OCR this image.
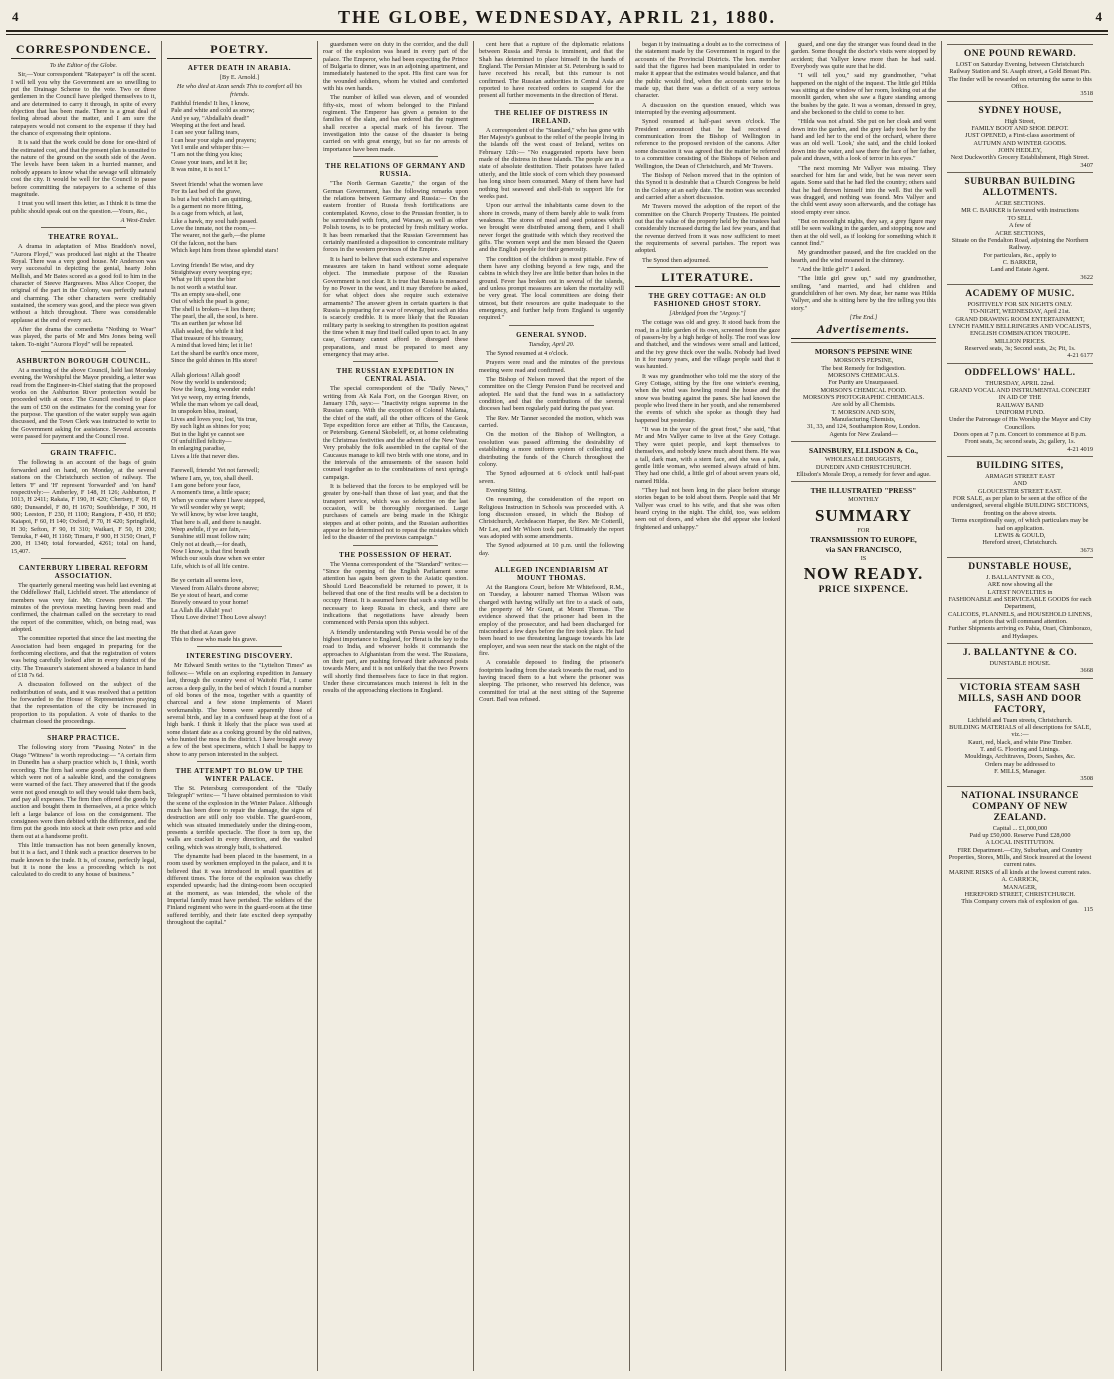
4	THE GLOBE, WEDNESDAY, APRIL 21, 1880.	4
CORRESPONDENCE.

To the Editor of the Globe.

Sir,—Your correspondent "Ratepayer" is off the scent. I will tell you why the Government are so unwilling to put the Drainage Scheme to the vote. Two or three gentlemen in the Council have pledged themselves to it, and are determined to carry it through, in spite of every objection that has been made. There is a great deal of feeling abroad about the matter, and I am sure the ratepayers would not consent to the expense if they had the chance of expressing their opinions.

It is said that the work could be done for one-third of the estimated cost, and that the present plan is unsuited to the nature of the ground on the south side of the Avon. The levels have been taken in a hurried manner, and nobody appears to know what the sewage will ultimately cost the city. It would be well for the Council to pause before committing the ratepayers to a scheme of this magnitude.

I trust you will insert this letter, as I think it is time the public should speak out on the question.—Yours, &c.,

A West-Ender.

THEATRE ROYAL.

A drama in adaptation of Miss Braddon's novel, "Aurora Floyd," was produced last night at the Theatre Royal. There was a very good house. Mr Anderson was very successful in depicting the genial, hearty John Mellish, and Mr Bates scored as a good foil to him in the character of Steeve Hargreaves. Miss Alice Cooper, the original of the part in the Colony, was perfectly natural and charming. The other characters were creditably sustained, the scenery was good, and the piece was given without a hitch throughout. There was considerable applause at the end of every act.

After the drama the comedietta "Nothing to Wear" was played, the parts of Mr and Mrs Jones being well taken. To-night "Aurora Floyd" will be repeated.

ASHBURTON BOROUGH COUNCIL.

At a meeting of the above Council, held last Monday evening, the Worshipful the Mayor presiding, a letter was read from the Engineer-in-Chief stating that the proposed works on the Ashburton River protection would be proceeded with at once. The Council resolved to place the sum of £50 on the estimates for the coming year for the purpose. The question of the water supply was again discussed, and the Town Clerk was instructed to write to the Government asking for assistance. Several accounts were passed for payment and the Council rose.

GRAIN TRAFFIC.

The following is an account of the bags of grain forwarded and on hand, on Monday, at the several stations on the Christchurch section of railway. The letters 'F' and 'H' represent 'forwarded' and 'on hand' respectively:— Amberley, F 148, H 126; Ashburton, F 1013, H 2411; Rakaia, F 190, H 420; Chertsey, F 60, H 680; Dunsandel, F 80, H 1670; Southbridge, F 300, H 900; Leeston, F 230, H 1100; Rangiora, F 430, H 850; Kaiapoi, F 60, H 140; Oxford, F 70, H 420; Springfield, H 30; Sefton, F 90, H 310; Waikari, F 50, H 200; Temuka, F 440, H 1160; Timaru, F 900, H 3150; Orari, F 200, H 1340; total forwarded, 4261; total on hand, 15,407.

CANTERBURY LIBERAL REFORM ASSOCIATION.

The quarterly general meeting was held last evening at the Oddfellows' Hall, Lichfield street. The attendance of members was very fair. Mr. Crewes presided. The minutes of the previous meeting having been read and confirmed, the chairman called on the secretary to read the report of the committee, which, on being read, was adopted.

The committee reported that since the last meeting the Association had been engaged in preparing for the forthcoming elections, and that the registration of voters was being carefully looked after in every district of the city. The Treasurer's statement showed a balance in hand of £18 7s 6d.

A discussion followed on the subject of the redistribution of seats, and it was resolved that a petition be forwarded to the House of Representatives praying that the representation of the city be increased in proportion to its population. A vote of thanks to the chairman closed the proceedings.

SHARP PRACTICE.

The following story from "Passing Notes" in the Otago "Witness" is worth reproducing:— "A certain firm in Dunedin has a sharp practice which is, I think, worth recording. The firm had some goods consigned to them which were not of a saleable kind, and the consignees were warned of the fact. They answered that if the goods were not good enough to sell they would take them back, and pay all expenses. The firm then offered the goods by auction and bought them in themselves, at a price which left a large balance of loss on the consignment. The consignees were then debited with the difference, and the firm put the goods into stock at their own price and sold them out at a handsome profit.

This little transaction has not been generally known, but it is a fact, and I think such a practice deserves to be made known to the trade. It is, of course, perfectly legal, but it is none the less a proceeding which is not calculated to do credit to any house of business."

POETRY.
AFTER DEATH IN ARABIA.

[By E. Arnold.]

He who died at Azan sends This to comfort all his friends.

Faithful friends! It lies, I know,

Pale and white and cold as snow;

And ye say, "Abdallah's dead!"

Weeping at the feet and head.

I can see your falling tears,

I can hear your sighs and prayers;

Yet I smile and whisper this:—

"I am not the thing you kiss;

Cease your tears, and let it lie;

It was mine, it is not I."

Sweet friends! what the women lave

For its last bed of the grave,

Is but a hut which I am quitting,

Is a garment no more fitting,

Is a cage from which, at last,

Like a hawk, my soul hath passed.

Love the inmate, not the room,—

The wearer, not the garb,—the plume

Of the falcon, not the bars

Which kept him from those splendid stars!

Loving friends! Be wise, and dry

Straightway every weeping eye;

What ye lift upon the bier

Is not worth a wistful tear.

'Tis an empty sea-shell, one

Out of which the pearl is gone;

The shell is broken—it lies there;

The pearl, the all, the soul, is here.

'Tis an earthen jar whose lid

Allah sealed, the while it hid

That treasure of his treasury,

A mind that loved him; let it lie!

Let the shard be earth's once more,

Since the gold shines in His store!

Allah glorious! Allah good!

Now thy world is understood;

Now the long, long wonder ends!

Yet ye weep, my erring friends,

While the man whom ye call dead,

In unspoken bliss, instead,

Lives and loves you; lost, 'tis true,

By such light as shines for you;

But in the light ye cannot see

Of unfulfilled felicity—

In enlarging paradise,

Lives a life that never dies.

Farewell, friends! Yet not farewell;

Where I am, ye, too, shall dwell.

I am gone before your face,

A moment's time, a little space;

When ye come where I have stepped,

Ye will wonder why ye wept;

Ye will know, by wise love taught,

That here is all, and there is naught.

Weep awhile, if ye are fain,—

Sunshine still must follow rain;

Only not at death,—for death,

Now I know, is that first breath

Which our souls draw when we enter

Life, which is of all life centre.

Be ye certain all seems love,

Viewed from Allah's throne above;

Be ye stout of heart, and come

Bravely onward to your home!

La Allah illa Allah! yea!

Thou Love divine! Thou Love alway!

He that died at Azan gave

This to those who made his grave.

INTERESTING DISCOVERY.

Mr Edward Smith writes to the "Lyttelton Times" as follows:— While on an exploring expedition in January last, through the country west of Waitohi Flat, I came across a deep gully, in the bed of which I found a number of old bones of the moa, together with a quantity of charcoal and a few stone implements of Maori workmanship. The bones were apparently those of several birds, and lay in a confused heap at the foot of a high bank. I think it likely that the place was used at some distant date as a cooking ground by the old natives, who hunted the moa in the district. I have brought away a few of the best specimens, which I shall be happy to show to any person interested in the subject.

THE ATTEMPT TO BLOW UP THE WINTER PALACE.

The St. Petersburg correspondent of the "Daily Telegraph" writes:— "I have obtained permission to visit the scene of the explosion in the Winter Palace. Although much has been done to repair the damage, the signs of destruction are still only too visible. The guard-room, which was situated immediately under the dining-room, presents a terrible spectacle. The floor is torn up, the walls are cracked in every direction, and the vaulted ceiling, which was strongly built, is shattered.

The dynamite had been placed in the basement, in a room used by workmen employed in the palace, and it is believed that it was introduced in small quantities at different times. The force of the explosion was chiefly expended upwards; had the dining-room been occupied at the moment, as was intended, the whole of the Imperial family must have perished. The soldiers of the Finland regiment who were in the guard-room at the time suffered terribly, and their fate excited deep sympathy throughout the capital."

guardsmen were on duty in the corridor, and the dull roar of the explosion was heard in every part of the palace. The Emperor, who had been expecting the Prince of Bulgaria to dinner, was in an adjoining apartment, and immediately hastened to the spot. His first care was for the wounded soldiers, whom he visited and comforted with his own hands.

The number of killed was eleven, and of wounded fifty-six, most of whom belonged to the Finland regiment. The Emperor has given a pension to the families of the slain, and has ordered that the regiment shall receive a special mark of his favour. The investigation into the cause of the disaster is being carried on with great energy, but so far no arrests of importance have been made.

THE RELATIONS OF GERMANY AND RUSSIA.

"The North German Gazette," the organ of the German Government, has the following remarks upon the relations between Germany and Russia:— On the eastern frontier of Russia fresh fortifications are contemplated. Kovno, close to the Prussian frontier, is to be surrounded with forts, and Warsaw, as well as other Polish towns, is to be protected by fresh military works. It has been remarked that the Russian Government has certainly manifested a disposition to concentrate military forces in the western provinces of the Empire.

It is hard to believe that such extensive and expensive measures are taken in hand without some adequate object. The immediate purpose of the Russian Government is not clear. It is true that Russia is menaced by no Power in the west, and it may therefore be asked, for what object does she require such extensive armaments? The answer given in certain quarters is that Russia is preparing for a war of revenge, but such an idea is scarcely credible. It is more likely that the Russian military party is seeking to strengthen its position against the time when it may find itself called upon to act. In any case, Germany cannot afford to disregard these preparations, and must be prepared to meet any emergency that may arise.

THE RUSSIAN EXPEDITION IN CENTRAL ASIA.

The special correspondent of the "Daily News," writing from Ak Kala Fort, on the Goorgan River, on January 17th, says:— "Inactivity reigns supreme in the Russian camp. With the exception of Colonel Malama, the chief of the staff, all the other officers of the Geok Tepe expedition force are either at Tiflis, the Caucasus, or Petersburg. General Skobeleff, or, at home celebrating the Christmas festivities and the advent of the New Year. Very probably the folk assembled in the capital of the Caucasus manage to kill two birds with one stone, and in the intervals of the amusements of the season hold counsel together as to the combinations of next spring's campaign.

It is believed that the forces to be employed will be greater by one-half than those of last year, and that the transport service, which was so defective on the last occasion, will be thoroughly reorganised. Large purchases of camels are being made in the Khirgiz steppes and at other points, and the Russian authorities appear to be determined not to repeat the mistakes which led to the disaster of the previous campaign."

THE POSSESSION OF HERAT.

The Vienna correspondent of the "Standard" writes:— "Since the opening of the English Parliament some attention has again been given to the Asiatic question. Should Lord Beaconsfield be returned to power, it is believed that one of the first results will be a decision to occupy Herat. It is assumed here that such a step will be necessary to keep Russia in check, and there are indications that negotiations have already been commenced with Persia upon this subject.

A friendly understanding with Persia would be of the highest importance to England, for Herat is the key to the road to India, and whoever holds it commands the approaches to Afghanistan from the west. The Russians, on their part, are pushing forward their advanced posts towards Merv, and it is not unlikely that the two Powers will shortly find themselves face to face in that region. Under these circumstances much interest is felt in the results of the approaching elections in England.

cent here that a rupture of the diplomatic relations between Russia and Persia is imminent, and that the Shah has determined to place himself in the hands of England. The Persian Minister at St. Petersburg is said to have received his recall, but this rumour is not confirmed. The Russian authorities in Central Asia are reported to have received orders to suspend for the present all further movements in the direction of Herat.

THE RELIEF OF DISTRESS IN IRELAND.

A correspondent of the "Standard," who has gone with Her Majesty's gunboat to the relief of the people living in the islands off the west coast of Ireland, writes on February 12th:— "No exaggerated reports have been made of the distress in these islands. The people are in a state of absolute destitution. Their potatoes have failed utterly, and the little stock of corn which they possessed has long since been consumed. Many of them have had nothing but seaweed and shell-fish to support life for weeks past.

Upon our arrival the inhabitants came down to the shore in crowds, many of them barely able to walk from weakness. The stores of meal and seed potatoes which we brought were distributed among them, and I shall never forget the gratitude with which they received the gifts. The women wept and the men blessed the Queen and the English people for their generosity.

The condition of the children is most pitiable. Few of them have any clothing beyond a few rags, and the cabins in which they live are little better than holes in the ground. Fever has broken out in several of the islands, and unless prompt measures are taken the mortality will be very great. The local committees are doing their utmost, but their resources are quite inadequate to the emergency, and further help from England is urgently required."

GENERAL SYNOD.

Tuesday, April 20.

The Synod resumed at 4 o'clock.

Prayers were read and the minutes of the previous meeting were read and confirmed.

The Bishop of Nelson moved that the report of the committee on the Clergy Pension Fund be received and adopted. He said that the fund was in a satisfactory condition, and that the contributions of the several dioceses had been regularly paid during the past year.

The Rev. Mr Tanner seconded the motion, which was carried.

On the motion of the Bishop of Wellington, a resolution was passed affirming the desirability of establishing a more uniform system of collecting and distributing the funds of the Church throughout the colony.

The Synod adjourned at 6 o'clock until half-past seven.

Evening Sitting.

On resuming, the consideration of the report on Religious Instruction in Schools was proceeded with. A long discussion ensued, in which the Bishop of Christchurch, Archdeacon Harper, the Rev. Mr Cotterill, Mr Lee, and Mr Wilson took part. Ultimately the report was adopted with some amendments.

The Synod adjourned at 10 p.m. until the following day.

ALLEGED INCENDIARISM AT MOUNT THOMAS.

At the Rangiora Court, before Mr Whitefoord, R.M., on Tuesday, a labourer named Thomas Wilson was charged with having wilfully set fire to a stack of oats, the property of Mr Grant, at Mount Thomas. The evidence showed that the prisoner had been in the employ of the prosecutor, and had been discharged for misconduct a few days before the fire took place. He had been heard to use threatening language towards his late employer, and was seen near the stack on the night of the fire.

A constable deposed to finding the prisoner's footprints leading from the stack towards the road, and to having traced them to a hut where the prisoner was sleeping. The prisoner, who reserved his defence, was committed for trial at the next sitting of the Supreme Court. Bail was refused.

began it by insinuating a doubt as to the correctness of the statement made by the Government in regard to the accounts of the Provincial Districts. The hon. member said that the figures had been manipulated in order to make it appear that the estimates would balance, and that the public would find, when the accounts came to be made up, that there was a deficit of a very serious character.

A discussion on the question ensued, which was interrupted by the evening adjournment.

Synod resumed at half-past seven o'clock. The President announced that he had received a communication from the Bishop of Wellington in reference to the proposed revision of the canons. After some discussion it was agreed that the matter be referred to a committee consisting of the Bishops of Nelson and Wellington, the Dean of Christchurch, and Mr Travers.

The Bishop of Nelson moved that in the opinion of this Synod it is desirable that a Church Congress be held in the Colony at an early date. The motion was seconded and carried after a short discussion.

Mr Travers moved the adoption of the report of the committee on the Church Property Trustees. He pointed out that the value of the property held by the trustees had considerably increased during the last few years, and that the revenue derived from it was now sufficient to meet the requirements of several parishes. The report was adopted.

The Synod then adjourned.

LITERATURE.
THE GREY COTTAGE: AN OLD FASHIONED GHOST STORY.

[Abridged from the "Argosy."]

The cottage was old and grey. It stood back from the road, in a little garden of its own, screened from the gaze of passers-by by a high hedge of holly. The roof was low and thatched, and the windows were small and latticed, and the ivy grew thick over the walls. Nobody had lived in it for many years, and the village people said that it was haunted.

It was my grandmother who told me the story of the Grey Cottage, sitting by the fire one winter's evening, when the wind was howling round the house and the snow was beating against the panes. She had known the people who lived there in her youth, and she remembered the events of which she spoke as though they had happened but yesterday.

"It was in the year of the great frost," she said, "that Mr and Mrs Vallyer came to live at the Grey Cottage. They were quiet people, and kept themselves to themselves, and nobody knew much about them. He was a tall, dark man, with a stern face, and she was a pale, gentle little woman, who seemed always afraid of him. They had one child, a little girl of about seven years old, named Hilda.

"They had not been long in the place before strange stories began to be told about them. People said that Mr Vallyer was cruel to his wife, and that she was often heard crying in the night. The child, too, was seldom seen out of doors, and when she did appear she looked frightened and unhappy."

guard, and one day the stranger was found dead in the garden. Some thought the doctor's visits were stopped by accident; that Vallyer knew more than he had said. Everybody was quite sure that he did.

"I will tell you," said my grandmother, "what happened on the night of the inquest. The little girl Hilda was sitting at the window of her room, looking out at the moonlit garden, when she saw a figure standing among the bushes by the gate. It was a woman, dressed in grey, and she beckoned to the child to come to her.

"Hilda was not afraid. She put on her cloak and went down into the garden, and the grey lady took her by the hand and led her to the end of the orchard, where there was an old well. 'Look,' she said, and the child looked down into the water, and saw there the face of her father, pale and drawn, with a look of terror in his eyes."

"The next morning Mr Vallyer was missing. They searched for him far and wide, but he was never seen again. Some said that he had fled the country; others said that he had thrown himself into the well. But the well was dragged, and nothing was found. Mrs Vallyer and the child went away soon afterwards, and the cottage has stood empty ever since.

"But on moonlight nights, they say, a grey figure may still be seen walking in the garden, and stopping now and then at the old well, as if looking for something which it cannot find."

My grandmother paused, and the fire crackled on the hearth, and the wind moaned in the chimney.

"And the little girl?" I asked.

"The little girl grew up," said my grandmother, smiling, "and married, and had children and grandchildren of her own. My dear, her name was Hilda Vallyer, and she is sitting here by the fire telling you this story."

[The End.]

Advertisements.
MORSON'S PEPSINE WINE
MORSON'S PEPSINE,
The best Remedy for Indigestion.
MORSON'S CHEMICALS.
For Purity are Unsurpassed.
MORSON'S CHEMICAL FOOD.
MORSON'S PHOTOGRAPHIC CHEMICALS.
Are sold by all Chemists.
T. MORSON AND SON,
Manufacturing Chemists,
31, 33, and 124, Southampton Row, London.
Agents for New Zealand—
SAINSBURY, ELLISDON & Co.,
WHOLESALE DRUGGISTS,
DUNEDIN AND CHRISTCHURCH.
Ellisdon's Morale Drop, a remedy for fever and ague.
THE ILLUSTRATED "PRESS"
MONTHLY
SUMMARY
FOR
TRANSMISSION TO EUROPE,
via SAN FRANCISCO,
IS
NOW READY.
PRICE SIXPENCE.
ONE POUND REWARD.
LOST on Saturday Evening, between Christchurch Railway Station and St. Asaph street, a Gold Breast Pin. The finder will be rewarded on returning the same to this Office.
3518
SYDNEY HOUSE,
High Street,
FAMILY BOOT AND SHOE DEPOT.
JUST OPENED, a First-class assortment of
AUTUMN AND WINTER GOODS.
JOHN HEDLEY,
Next Duckworth's Grocery Establishment, High Street.
3407
SUBURBAN BUILDING ALLOTMENTS.
ACRE SECTIONS.
MR C. BARKER is favoured with instructions
TO SELL
A few of
ACRE SECTIONS,
Situate on the Fendalton Road, adjoining the Northern Railway.
For particulars, &c., apply to
C. BARKER,
Land and Estate Agent.
3622
ACADEMY OF MUSIC.
POSITIVELY FOR SIX NIGHTS ONLY.
TO-NIGHT, WEDNESDAY, April 21st.
GRAND DRAWING ROOM ENTERTAINMENT,
LYNCH FAMILY BELLRINGERS AND VOCALISTS,
ENGLISH COMBINATION TROUPE.
MILLION PRICES.
Reserved seats, 3s; Second seats, 2s; Pit, 1s.
4-21 6177
ODDFELLOWS' HALL.
THURSDAY, APRIL 22nd.
GRAND VOCAL AND INSTRUMENTAL CONCERT
IN AID OF THE
RAILWAY BAND
UNIFORM FUND.
Under the Patronage of His Worship the Mayor and City Councillors.
Doors open at 7 p.m. Concert to commence at 8 p.m.
Front seats, 3s; second seats, 2s; gallery, 1s.
4-21 4019
BUILDING SITES,
ARMAGH STREET EAST
AND
GLOUCESTER STREET EAST.
FOR SALE, as per plan to be seen at the office of the undersigned, several eligible BUILDING SECTIONS, fronting on the above streets.
Terms exceptionally easy, of which particulars may be had on application.
LEWIS & GOULD,
Hereford street, Christchurch.
3673
DUNSTABLE HOUSE,
J. BALLANTYNE & CO.,
ARE now showing all the
LATEST NOVELTIES in
FASHIONABLE and SERVICEABLE GOODS for each Department,
CALICOES, FLANNELS, and HOUSEHOLD LINENS, at prices that will command attention.
Further Shipments arriving ex Pahia, Orari, Chimborazo, and Hydaspes.
J. BALLANTYNE & CO.
DUNSTABLE HOUSE.
3668
VICTORIA STEAM SASH MILLS, SASH AND DOOR FACTORY,
Lichfield and Tuam streets, Christchurch.
BUILDING MATERIALS of all descriptions for SALE, viz.:—
Kauri, red, black, and white Pine Timber.
T. and G. Flooring and Linings.
Mouldings, Architraves, Doors, Sashes, &c.
Orders may be addressed to
F. MILLS, Manager.
3508
NATIONAL INSURANCE COMPANY OF NEW ZEALAND.
Capital ... £1,000,000
Paid up £50,000. Reserve Fund £28,000
A LOCAL INSTITUTION.
FIRE Department.—City, Suburban, and Country Properties, Stores, Mills, and Stock insured at the lowest current rates.
MARINE RISKS of all kinds at the lowest current rates.
A. CARRICK,
MANAGER,
HEREFORD STREET, CHRISTCHURCH.
This Company covers risk of explosion of gas.
115
